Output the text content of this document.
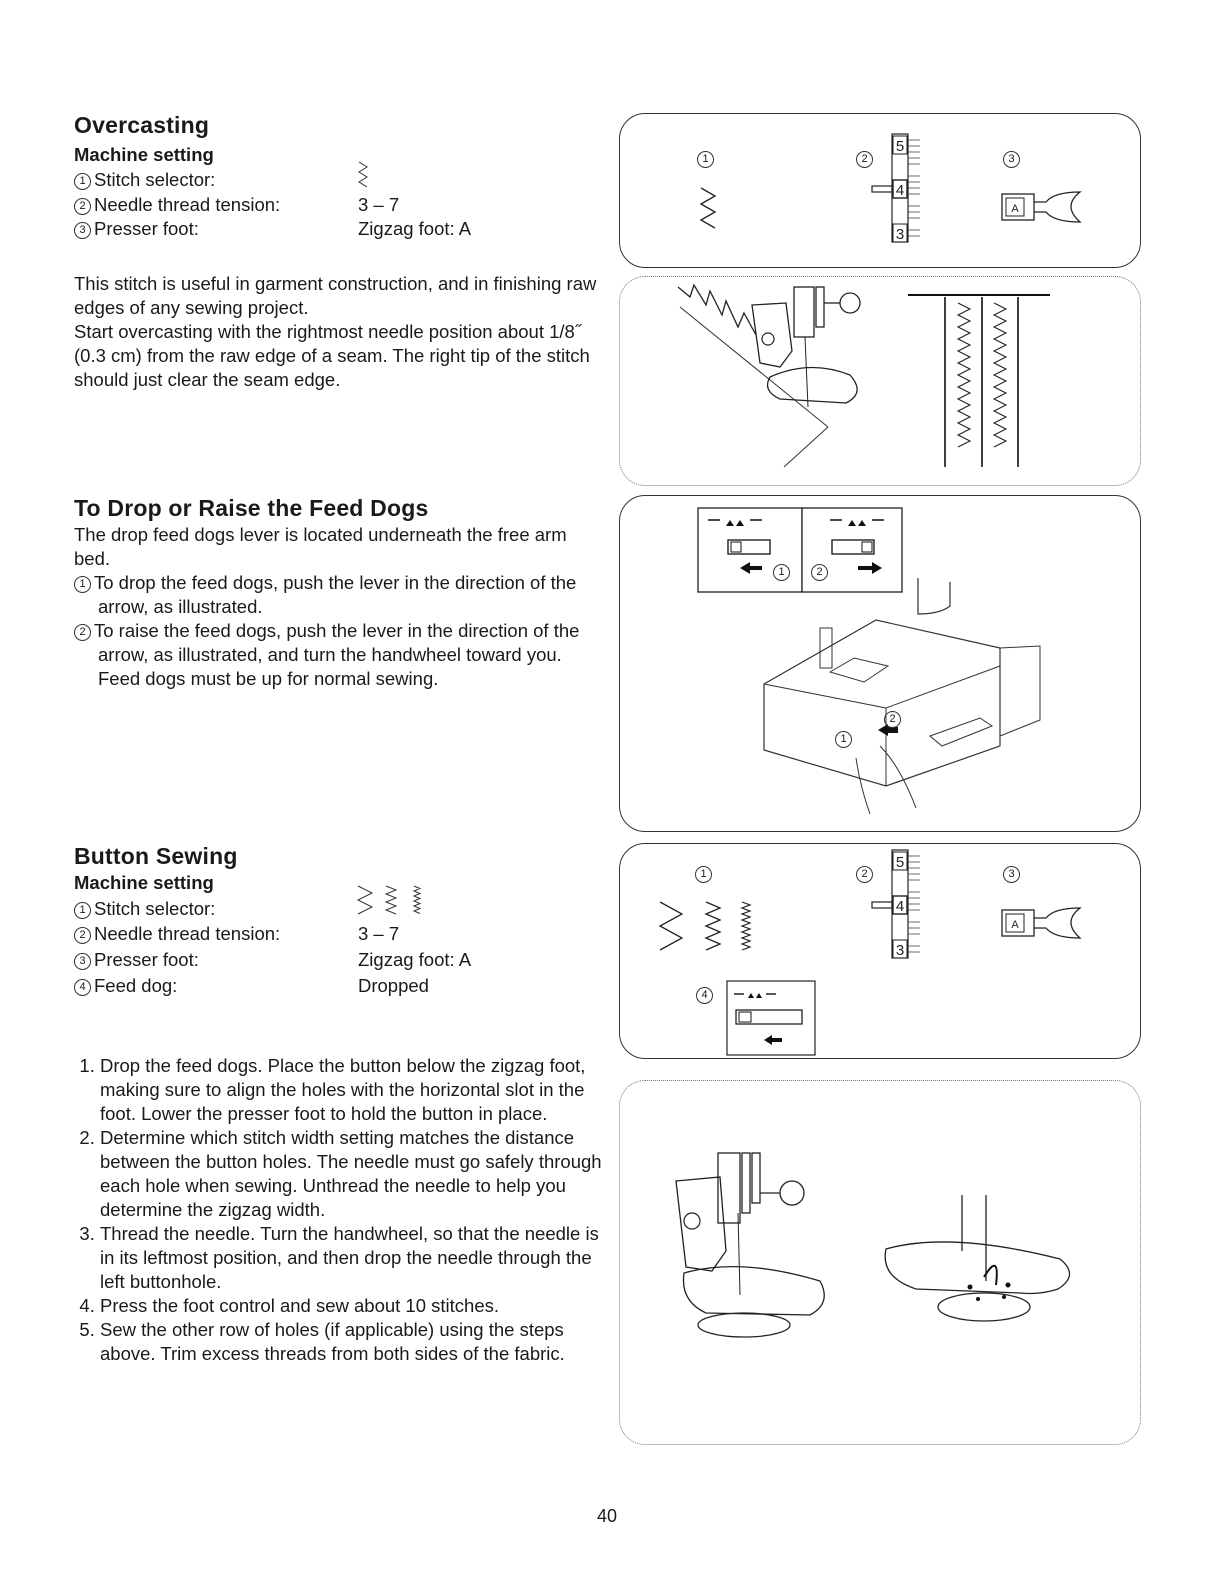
Overcasting
Machine setting
1 Stitch selector:
2 Needle thread tension:	3 – 7
3 Presser foot:	Zigzag foot: A
This stitch is useful in garment construction, and in finishing raw edges of any sewing project.
Start overcasting with the rightmost needle position about 1/8˝ (0.3 cm) from the raw edge of a seam. The right tip of the stitch should just clear the seam edge.
1	2	3
5
4
3
A
To Drop or Raise the Feed Dogs
The drop feed dogs lever is located underneath the free arm bed.
1 To drop the feed dogs, push the lever in the direction of the arrow, as illustrated.
2 To raise the feed dogs, push the lever in the direction of the arrow, as illustrated, and turn the handwheel toward you. Feed dogs must be up for normal sewing.
1	2
1
2
Button Sewing
Machine setting
1 Stitch selector:
2 Needle thread tension:	3 – 7
3 Presser foot:	Zigzag foot: A
4 Feed dog:	Dropped
1	2	3
5
4
3
A
4
1. Drop the feed dogs. Place the button below the zigzag foot, making sure to align the holes with the horizontal slot in the foot. Lower the presser foot to hold the button in place.
2. Determine which stitch width setting matches the distance between the button holes. The needle must go safely through each hole when sewing. Unthread the needle to help you determine the zigzag width.
3. Thread the needle. Turn the handwheel, so that the needle is in its leftmost position, and then drop the needle through the left buttonhole.
4. Press the foot control and sew about 10 stitches.
5. Sew the other row of holes (if applicable) using the steps above. Trim excess threads from both sides of the fabric.
40
